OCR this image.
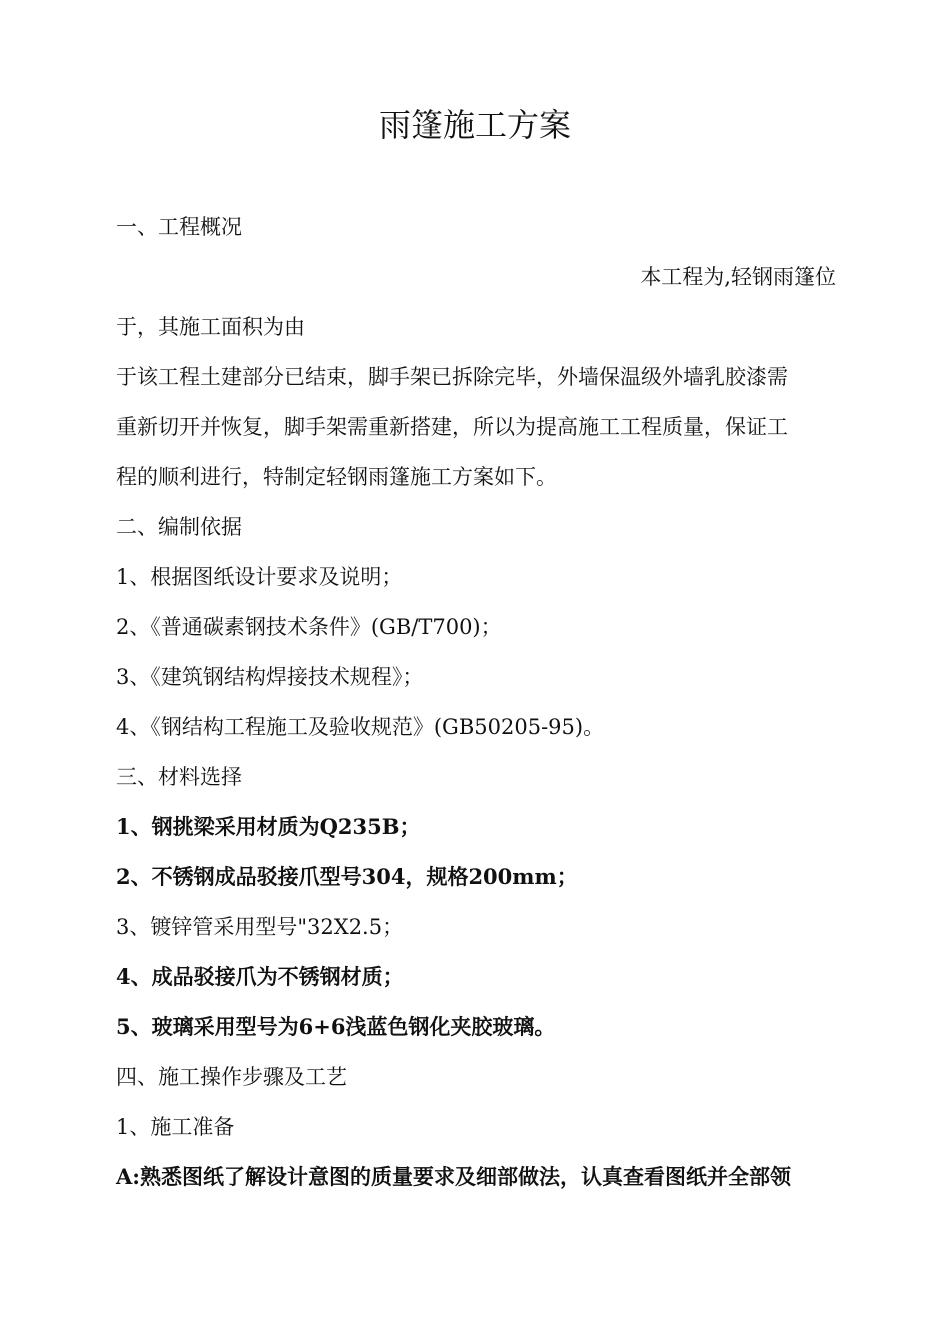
雨篷施工方案

一、工程概况

本工程为,轻钢雨篷位

于，其施工面积为由

于该工程土建部分已结束，脚手架已拆除完毕，外墙保温级外墙乳胶漆需

重新切开并恢复，脚手架需重新搭建，所以为提高施工工程质量，保证工

程的顺利进行，特制定轻钢雨篷施工方案如下。

二、编制依据

1、根据图纸设计要求及说明；

2、《普通碳素钢技术条件》(GB/T700)；

3、《建筑钢结构焊接技术规程》；

4、《钢结构工程施工及验收规范》(GB50205-95)。

三、材料选择

1、钢挑梁采用材质为Q235B；

2、不锈钢成品驳接爪型号304，规格200mm；

3、镀锌管采用型号"32X2.5；

4、成品驳接爪为不锈钢材质；

5、玻璃采用型号为6+6浅蓝色钢化夹胶玻璃。

四、施工操作步骤及工艺

1、施工准备

A:熟悉图纸了解设计意图的质量要求及细部做法，认真查看图纸并全部领
